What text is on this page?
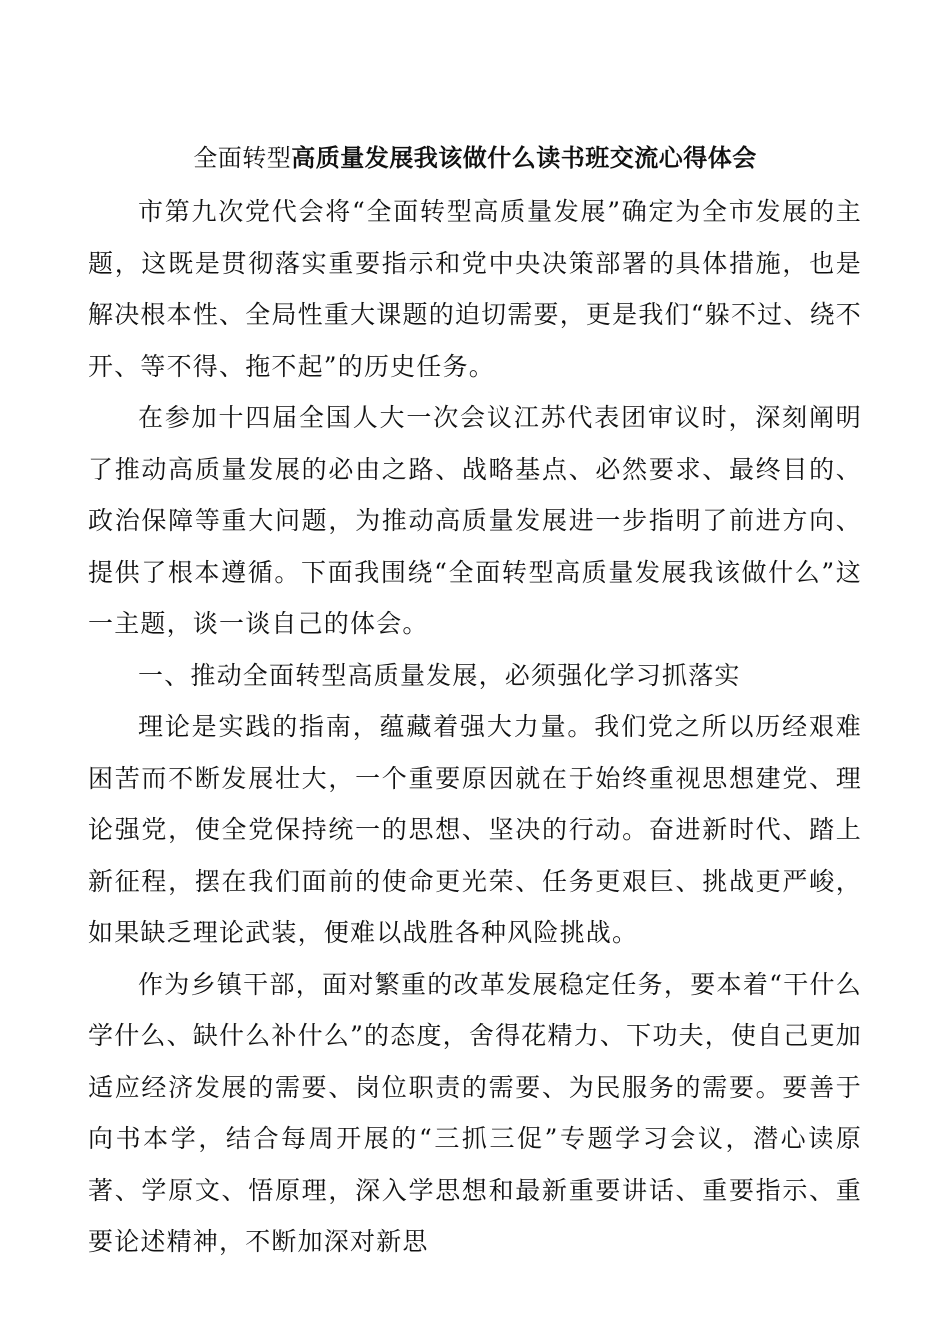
全面转型高质量发展我该做什么读书班交流心得体会

市第九次党代会将“全面转型高质量发展”确定为全市发展的主题，这既是贯彻落实重要指示和党中央决策部署的具体措施，也是解决根本性、全局性重大课题的迫切需要，更是我们“躲不过、绕不开、等不得、拖不起”的历史任务。

在参加十四届全国人大一次会议江苏代表团审议时，深刻阐明了推动高质量发展的必由之路、战略基点、必然要求、最终目的、政治保障等重大问题，为推动高质量发展进一步指明了前进方向、提供了根本遵循。下面我围绕“全面转型高质量发展我该做什么”这一主题，谈一谈自己的体会。

一、推动全面转型高质量发展，必须强化学习抓落实

理论是实践的指南，蕴藏着强大力量。我们党之所以历经艰难困苦而不断发展壮大，一个重要原因就在于始终重视思想建党、理论强党，使全党保持统一的思想、坚决的行动。奋进新时代、踏上新征程，摆在我们面前的使命更光荣、任务更艰巨、挑战更严峻，如果缺乏理论武装，便难以战胜各种风险挑战。

作为乡镇干部，面对繁重的改革发展稳定任务，要本着“干什么学什么、缺什么补什么”的态度，舍得花精力、下功夫，使自己更加适应经济发展的需要、岗位职责的需要、为民服务的需要。要善于向书本学，结合每周开展的“三抓三促”专题学习会议，潜心读原著、学原文、悟原理，深入学思想和最新重要讲话、重要指示、重要论述精神，不断加深对新思
